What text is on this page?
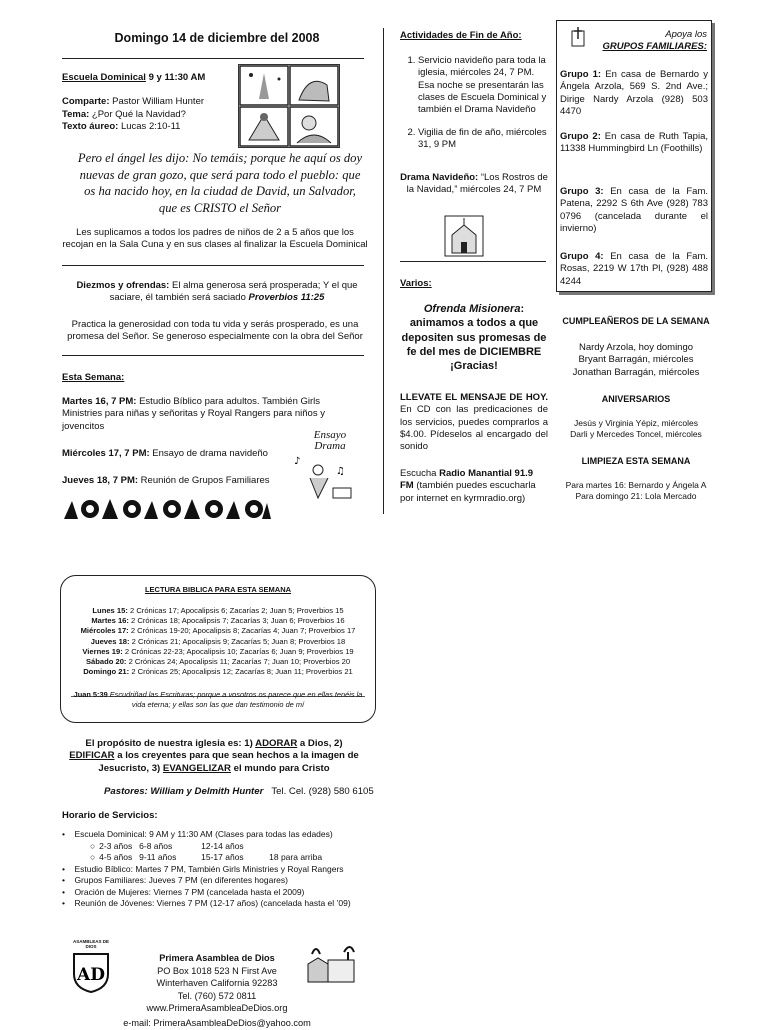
Domingo 14 de diciembre del 2008

Escuela Dominical 9 y 11:30 AM

Comparte: Pastor William Hunter

Tema: ¿Por Qué la Navidad?

Texto áureo: Lucas 2:10-11

Pero el ángel les dijo: No temáis; porque he aquí os doy nuevas de gran gozo, que será para todo el pueblo: que os ha nacido hoy, en la ciudad de David, un Salvador, que es CRISTO el Señor
Les suplicamos a todos los padres de niños de 2 a 5 años que los recojan en la Sala Cuna y en sus clases al finalizar la Escuela Dominical
Diezmos y ofrendas: El alma generosa será prosperada; Y el que saciare, él también será saciado Proverbios 11:25
Practica la generosidad con toda tu vida y serás prosperado, es una promesa del Señor. Se generoso especialmente con la obra del Señor
Esta Semana:
Martes 16, 7 PM: Estudio Bíblico para adultos. También Girls Ministries para niñas y señoritas y Royal Rangers para niños y jovencitos
Miércoles 17, 7 PM: Ensayo de drama navideño
Jueves 18, 7 PM: Reunión de Grupos Familiares
Ensayo Drama
♪
♫
Actividades de Fin de Año:
1. Servicio navideño para toda la iglesia, miércoles 24, 7 PM. Esa noche se presentarán las clases de Escuela Dominical y también el Drama Navideño
2. Vigilia de fin de año, miércoles 31, 9 PM
Drama Navideño: “Los Rostros de la Navidad,” miércoles 24, 7 PM
Varios:
Ofrenda Misionera: animamos a todos a que depositen sus promesas de fe del mes de DICIEMBRE
¡Gracias!
LLEVATE EL MENSAJE DE HOY. En CD con las predicaciones de los servicios, puedes comprarlos a $4.00. Pídeselos al encargado del sonido
Escucha Radio Manantial 91.9 FM (también puedes escucharla por internet en kyrmradio.org)
Apoya los
GRUPOS FAMILIARES:
Grupo 1: En casa de Bernardo y Ángela Arzola, 569 S. 2nd Ave.; Dirige Nardy Arzola (928) 503 4470
Grupo 2: En casa de Ruth Tapia, 11338 Hummingbird Ln (Foothills)
Grupo 3: En casa de la Fam. Patena, 2292 S 6th Ave (928) 783 0796 (cancelada durante el invierno)
Grupo 4: En casa de la Fam. Rosas, 2219 W 17th Pl, (928) 488 4244
CUMPLEAÑEROS DE LA SEMANA

Nardy Arzola, hoy domingo

Bryant Barragán, miércoles

Jonathan Barragán, miércoles

ANIVERSARIOS

Jesús y Virginia Yépiz, miércoles

Darli y Mercedes Toncel, miércoles

LIMPIEZA ESTA SEMANA

Para martes 16: Bernardo y Ángela A

Para domingo 21: Lola Mercado

LECTURA BIBLICA PARA ESTA SEMANA

Lunes 15: 2 Crónicas 17; Apocalipsis 6; Zacarías 2; Juan 5; Proverbios 15

Martes 16: 2 Crónicas 18; Apocalipsis 7; Zacarías 3; Juan 6; Proverbios 16

Miércoles 17: 2 Crónicas 19-20; Apocalipsis 8; Zacarías 4; Juan 7; Proverbios 17

Jueves 18: 2 Crónicas 21; Apocalipsis 9; Zacarías 5; Juan 8; Proverbios 18

Viernes 19: 2 Crónicas 22-23; Apocalipsis 10; Zacarías 6; Juan 9; Proverbios 19

Sábado 20: 2 Crónicas 24; Apocalipsis 11; Zacarías 7; Juan 10; Proverbios 20

Domingo 21: 2 Crónicas 25; Apocalipsis 12; Zacarías 8; Juan 11; Proverbios 21

Juan 5:39 Escudriñad las Escrituras; porque a vosotros os parece que en ellas tenéis la vida eterna; y ellas son las que dan testimonio de mí
El propósito de nuestra iglesia es: 1) ADORAR a Dios, 2) EDIFICAR a los creyentes para que sean hechos a la imagen de Jesucristo, 3) EVANGELIZAR el mundo para Cristo
Pastores: William y Delmith Hunter Tel. Cel. (928) 580 6105
Horario de Servicios:
•    Escuela Dominical: 9 AM y 11:30 AM (Clases para todas las edades)
○	2-3 años	6-8 años	12-14 años	
○	4-5 años	9-11 años	15-17 años	18 para arriba
•    Estudio Bíblico: Martes 7 PM, También Girls Ministries y Royal Rangers
•    Grupos Familiares: Jueves 7 PM (en diferentes hogares)
•    Oración de Mujeres: Viernes 7 PM (cancelada hasta el 2009)
•    Reunión de Jóvenes: Viernes 7 PM (12-17 años) (cancelada hasta el ’09)
ASAMBLEAS DE DIOS
AD

Primera Asamblea de Dios

PO Box 1018 523 N First Ave

Winterhaven California 92283

Tel. (760) 572 0811

www.PrimeraAsambleaDeDios.org

e-mail: PrimeraAsambleaDeDios@yahoo.com
